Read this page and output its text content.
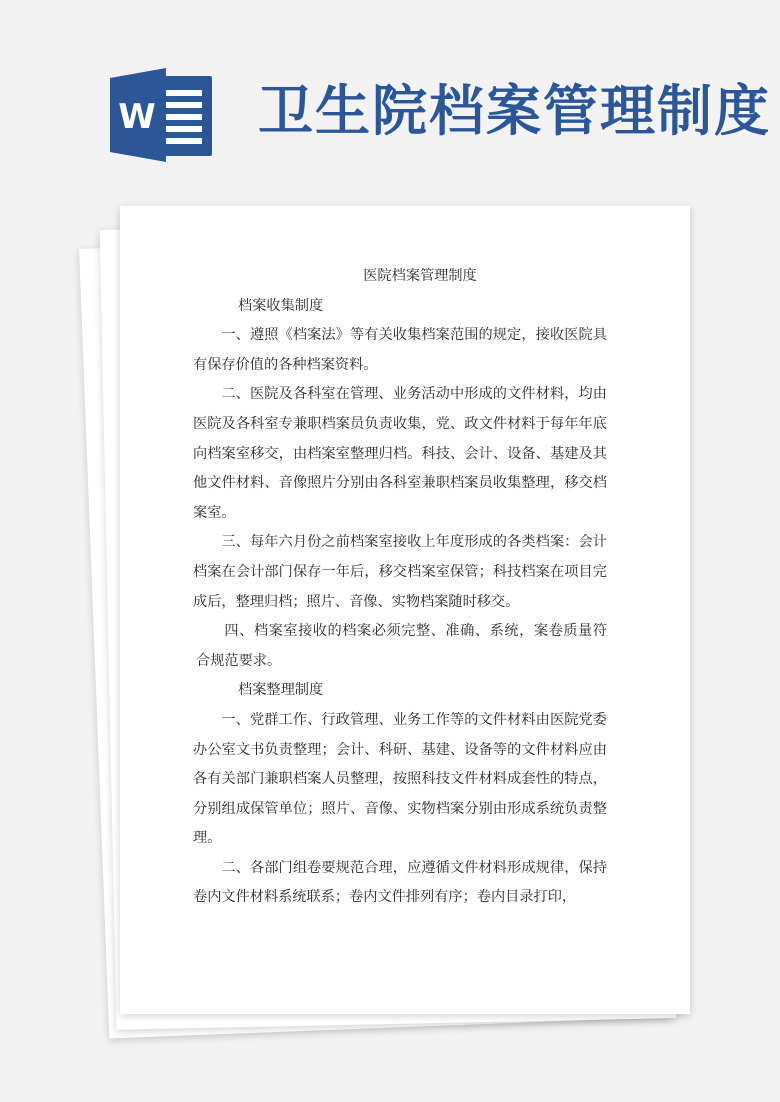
W 卫生院档案管理制度

医院档案管理制度

档案收集制度

一、遵照《档案法》等有关收集档案范围的规定，接收医院具有保存价值的各种档案资料。

二、医院及各科室在管理、业务活动中形成的文件材料，均由医院及各科室专兼职档案员负责收集，党、政文件材料于每年年底向档案室移交，由档案室整理归档。科技、会计、设备、基建及其他文件材料、音像照片分别由各科室兼职档案员收集整理，移交档案室。

三、每年六月份之前档案室接收上年度形成的各类档案：会计档案在会计部门保存一年后，移交档案室保管；科技档案在项目完成后，整理归档；照片、音像、实物档案随时移交。

四、档案室接收的档案必须完整、准确、系统，案卷质量符合规范要求。

档案整理制度

一、党群工作、行政管理、业务工作等的文件材料由医院党委办公室文书负责整理；会计、科研、基建、设备等的文件材料应由各有关部门兼职档案人员整理，按照科技文件材料成套性的特点，分别组成保管单位；照片、音像、实物档案分别由形成系统负责整理。

二、各部门组卷要规范合理，应遵循文件材料形成规律，保持卷内文件材料系统联系；卷内文件排列有序；卷内目录打印，
